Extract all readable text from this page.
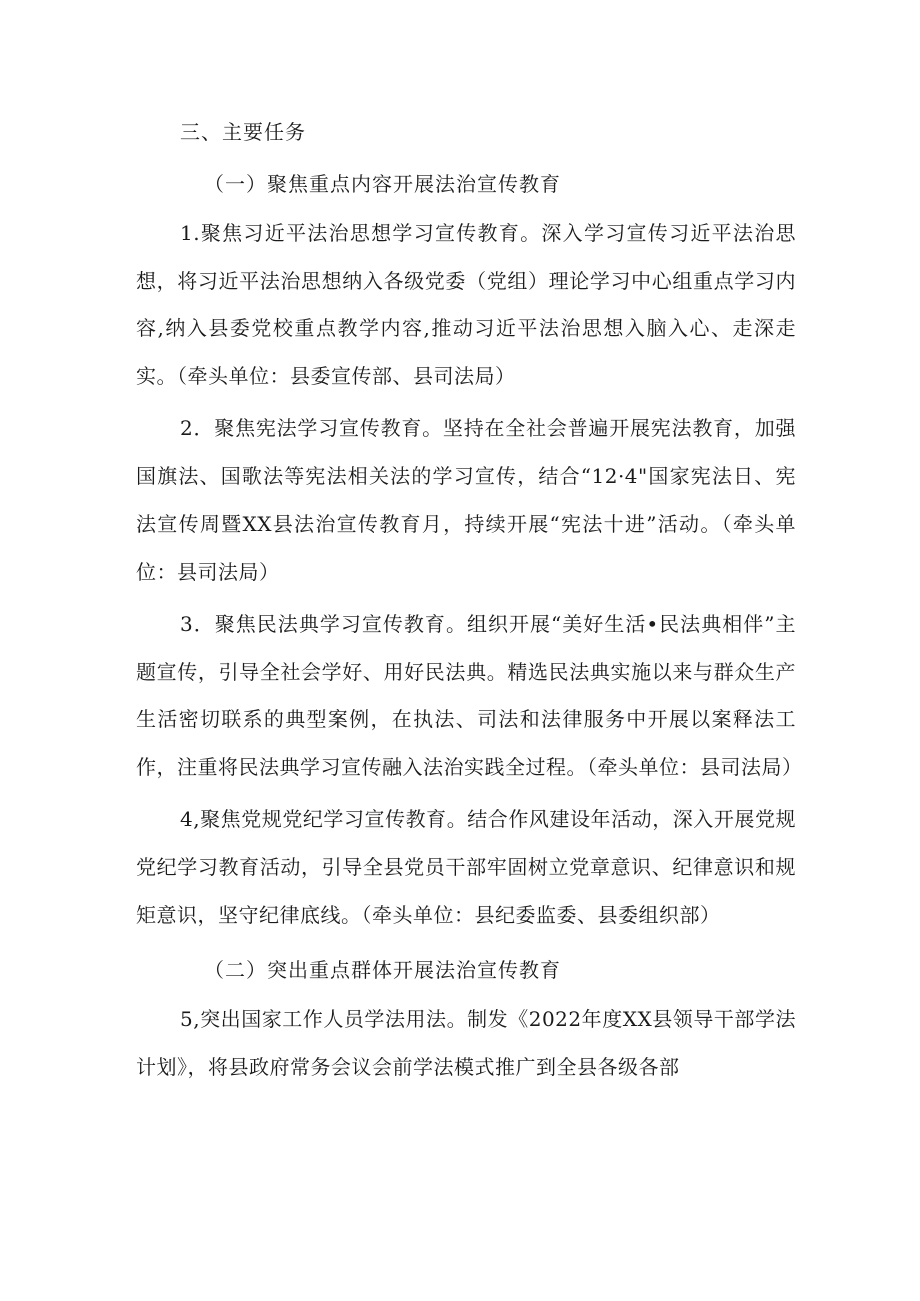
三、主要任务

（一）聚焦重点内容开展法治宣传教育

1.聚焦习近平法治思想学习宣传教育。深入学习宣传习近平法治思想，将习近平法治思想纳入各级党委（党组）理论学习中心组重点学习内容,纳入县委党校重点教学内容,推动习近平法治思想入脑入心、走深走实。（牵头单位：县委宣传部、县司法局）

2．聚焦宪法学习宣传教育。坚持在全社会普遍开展宪法教育，加强国旗法、国歌法等宪法相关法的学习宣传，结合“12·4"国家宪法日、宪法宣传周暨XX县法治宣传教育月，持续开展“宪法十进”活动。（牵头单位：县司法局）

3．聚焦民法典学习宣传教育。组织开展“美好生活•民法典相伴”主题宣传，引导全社会学好、用好民法典。精选民法典实施以来与群众生产生活密切联系的典型案例，在执法、司法和法律服务中开展以案释法工作，注重将民法典学习宣传融入法治实践全过程。（牵头单位：县司法局）

4,聚焦党规党纪学习宣传教育。结合作风建设年活动，深入开展党规党纪学习教育活动，引导全县党员干部牢固树立党章意识、纪律意识和规矩意识，坚守纪律底线。（牵头单位：县纪委监委、县委组织部）

（二）突出重点群体开展法治宣传教育

5,突出国家工作人员学法用法。制发《2022年度XX县领导干部学法计划》，将县政府常务会议会前学法模式推广到全县各级各部
